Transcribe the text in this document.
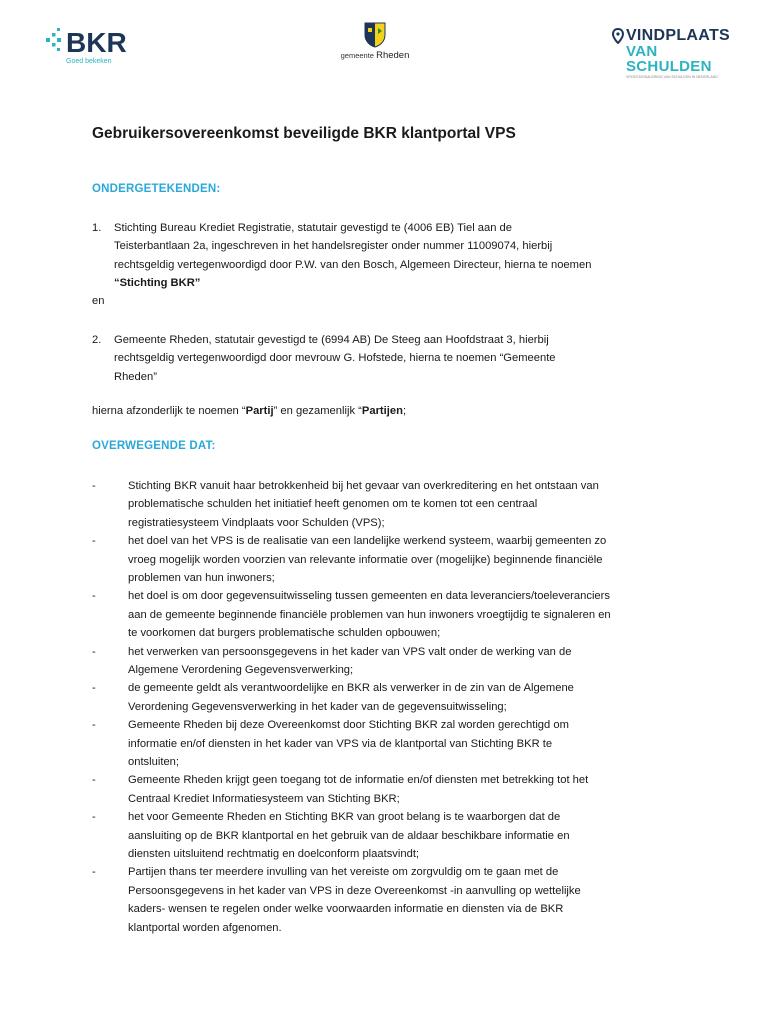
BKR
Goed bekeken
gemeente Rheden
VINDPLAATS
VAN SCHULDEN
VROEGSIGNALERING VAN SCHULDEN IN NEDERLAND
Gebruikersovereenkomst beveiligde BKR klantportal VPS
ONDERGETEKENDEN:
1. Stichting Bureau Krediet Registratie, statutair gevestigd te (4006 EB) Tiel aan de
Teisterbantlaan 2a, ingeschreven in het handelsregister onder nummer 11009074, hierbij
rechtsgeldig vertegenwoordigd door P.W. van den Bosch, Algemeen Directeur, hierna te noemen
“Stichting BKR”

en

2. Gemeente Rheden, statutair gevestigd te (6994 AB) De Steeg aan Hoofdstraat 3, hierbij
rechtsgeldig vertegenwoordigd door mevrouw G. Hofstede, hierna te noemen “Gemeente
Rheden”

hierna afzonderlijk te noemen “Partij” en gezamenlijk “Partijen;

OVERWEGENDE DAT:
-	Stichting BKR vanuit haar betrokkenheid bij het gevaar van overkreditering en het ontstaan van
problematische schulden het initiatief heeft genomen om te komen tot een centraal
registratiesysteem Vindplaats voor Schulden (VPS);
-	het doel van het VPS is de realisatie van een landelijke werkend systeem, waarbij gemeenten zo
vroeg mogelijk worden voorzien van relevante informatie over (mogelijke) beginnende financiële
problemen van hun inwoners;
-	het doel is om door gegevensuitwisseling tussen gemeenten en data leveranciers/toeleveranciers
aan de gemeente beginnende financiële problemen van hun inwoners vroegtijdig te signaleren en
te voorkomen dat burgers problematische schulden opbouwen;
-	het verwerken van persoonsgegevens in het kader van VPS valt onder de werking van de
Algemene Verordening Gegevensverwerking;
-	de gemeente geldt als verantwoordelijke en BKR als verwerker in de zin van de Algemene
Verordening Gegevensverwerking in het kader van de gegevensuitwisseling;
-	Gemeente Rheden bij deze Overeenkomst door Stichting BKR zal worden gerechtigd om
informatie en/of diensten in het kader van VPS via de klantportal van Stichting BKR te
ontsluiten;
-	Gemeente Rheden krijgt geen toegang tot de informatie en/of diensten met betrekking tot het
Centraal Krediet Informatiesysteem van Stichting BKR;
-	het voor Gemeente Rheden en Stichting BKR van groot belang is te waarborgen dat de
aansluiting op de BKR klantportal en het gebruik van de aldaar beschikbare informatie en
diensten uitsluitend rechtmatig en doelconform plaatsvindt;
-	Partijen thans ter meerdere invulling van het vereiste om zorgvuldig om te gaan met de
Persoonsgegevens in het kader van VPS in deze Overeenkomst -in aanvulling op wettelijke
kaders- wensen te regelen onder welke voorwaarden informatie en diensten via de BKR
klantportal worden afgenomen.
